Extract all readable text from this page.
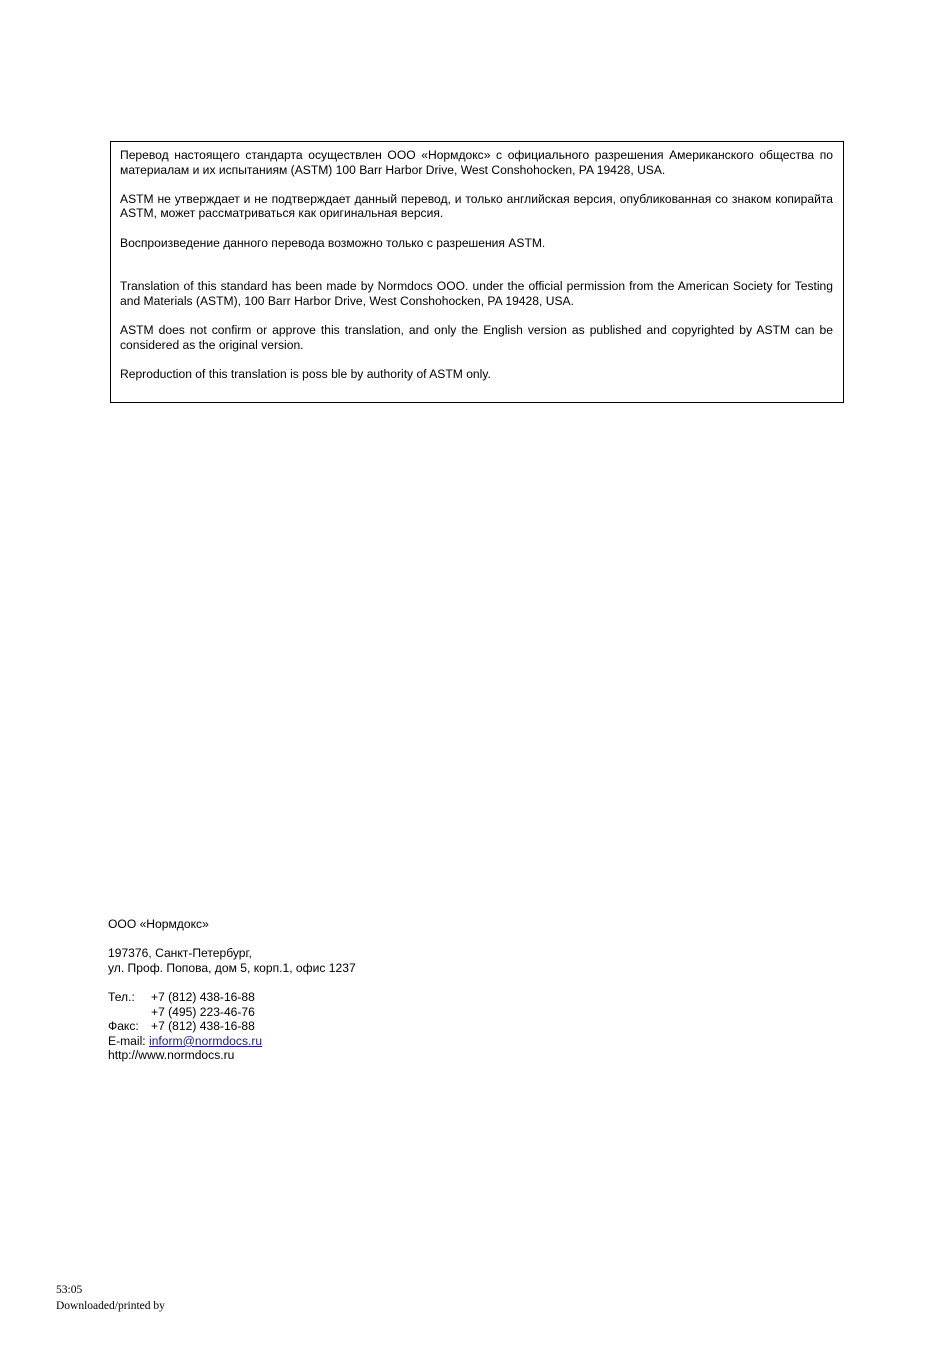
Перевод настоящего стандарта осуществлен ООО «Нормдокс» с официального разрешения Американского общества по материалам и их испытаниям (ASTM) 100 Barr Harbor Drive, West Conshohocken, PA 19428, USA.

ASTM не утверждает и не подтверждает данный перевод, и только английская версия, опубликованная со знаком копирайта ASTM, может рассматриваться как оригинальная версия.

Воспроизведение данного перевода возможно только с разрешения ASTM.

Translation of this standard has been made by Normdocs OOO. under the official permission from the American Society for Testing and Materials (ASTM), 100 Barr Harbor Drive, West Conshohocken, PA 19428, USA.

ASTM does not confirm or approve this translation, and only the English version as published and copyrighted by ASTM can be considered as the original version.

Reproduction of this translation is poss ble by authority of ASTM only.

ООО «Нормдокс»
197376, Санкт-Петербург,
ул. Проф. Попова, дом 5, корп.1, офис 1237
Тел.: +7 (812) 438-16-88
+7 (495) 223-46-76
Факс: +7 (812) 438-16-88
E-mail: inform@normdocs.ru
http://www.normdocs.ru
53:05
Downloaded/printed by
